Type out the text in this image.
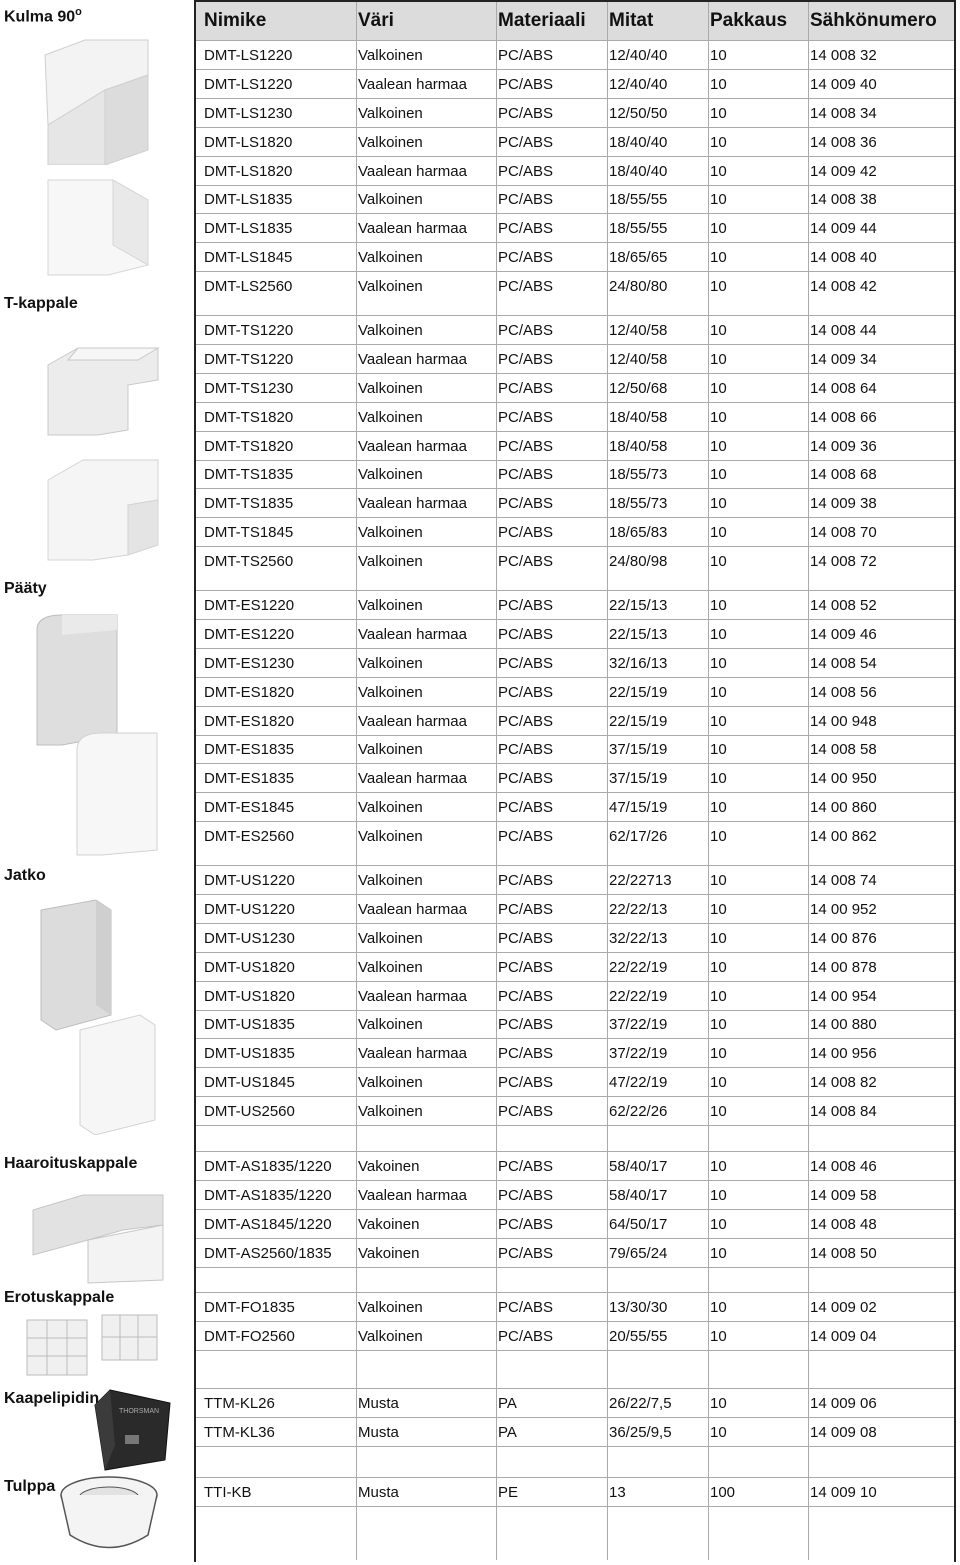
Kulma 90$^o$
T-kappale
Pääty
Jatko
Haaroituskappale
Erotuskappale
Kaapelipidin
Tulppa
THORSMAN
Nimike	Väri	Materiaali	Mitat	Pakkaus	Sähkönumero
DMT-LS1220	Valkoinen	PC/ABS	12/40/40	10	14 008 32
DMT-LS1220	Vaalean harmaa	PC/ABS	12/40/40	10	14 009 40
DMT-LS1230	Valkoinen	PC/ABS	12/50/50	10	14 008 34
DMT-LS1820	Valkoinen	PC/ABS	18/40/40	10	14 008 36
DMT-LS1820	Vaalean harmaa	PC/ABS	18/40/40	10	14 009 42
DMT-LS1835	Valkoinen	PC/ABS	18/55/55	10	14 008 38
DMT-LS1835	Vaalean harmaa	PC/ABS	18/55/55	10	14 009 44
DMT-LS1845	Valkoinen	PC/ABS	18/65/65	10	14 008 40
DMT-LS2560	Valkoinen	PC/ABS	24/80/80	10	14 008 42
DMT-TS1220	Valkoinen	PC/ABS	12/40/58	10	14 008 44
DMT-TS1220	Vaalean harmaa	PC/ABS	12/40/58	10	14 009 34
DMT-TS1230	Valkoinen	PC/ABS	12/50/68	10	14 008 64
DMT-TS1820	Valkoinen	PC/ABS	18/40/58	10	14 008 66
DMT-TS1820	Vaalean harmaa	PC/ABS	18/40/58	10	14 009 36
DMT-TS1835	Valkoinen	PC/ABS	18/55/73	10	14 008 68
DMT-TS1835	Vaalean harmaa	PC/ABS	18/55/73	10	14 009 38
DMT-TS1845	Valkoinen	PC/ABS	18/65/83	10	14 008 70
DMT-TS2560	Valkoinen	PC/ABS	24/80/98	10	14 008 72
DMT-ES1220	Valkoinen	PC/ABS	22/15/13	10	14 008 52
DMT-ES1220	Vaalean harmaa	PC/ABS	22/15/13	10	14 009 46
DMT-ES1230	Valkoinen	PC/ABS	32/16/13	10	14 008 54
DMT-ES1820	Valkoinen	PC/ABS	22/15/19	10	14 008 56
DMT-ES1820	Vaalean harmaa	PC/ABS	22/15/19	10	14 00 948
DMT-ES1835	Valkoinen	PC/ABS	37/15/19	10	14 008 58
DMT-ES1835	Vaalean harmaa	PC/ABS	37/15/19	10	14 00 950
DMT-ES1845	Valkoinen	PC/ABS	47/15/19	10	14 00 860
DMT-ES2560	Valkoinen	PC/ABS	62/17/26	10	14 00 862
DMT-US1220	Valkoinen	PC/ABS	22/22713	10	14 008 74
DMT-US1220	Vaalean harmaa	PC/ABS	22/22/13	10	14 00 952
DMT-US1230	Valkoinen	PC/ABS	32/22/13	10	14 00 876
DMT-US1820	Valkoinen	PC/ABS	22/22/19	10	14 00 878
DMT-US1820	Vaalean harmaa	PC/ABS	22/22/19	10	14 00 954
DMT-US1835	Valkoinen	PC/ABS	37/22/19	10	14 00 880
DMT-US1835	Vaalean harmaa	PC/ABS	37/22/19	10	14 00 956
DMT-US1845	Valkoinen	PC/ABS	47/22/19	10	14 008 82
DMT-US2560	Valkoinen	PC/ABS	62/22/26	10	14 008 84
DMT-AS1835/1220	Vakoinen	PC/ABS	58/40/17	10	14 008 46
DMT-AS1835/1220	Vaalean harmaa	PC/ABS	58/40/17	10	14 009 58
DMT-AS1845/1220	Vakoinen	PC/ABS	64/50/17	10	14 008 48
DMT-AS2560/1835	Vakoinen	PC/ABS	79/65/24	10	14 008 50
DMT-FO1835	Valkoinen	PC/ABS	13/30/30	10	14 009 02
DMT-FO2560	Valkoinen	PC/ABS	20/55/55	10	14 009 04
TTM-KL26	Musta	PA	26/22/7,5	10	14 009 06
TTM-KL36	Musta	PA	36/25/9,5	10	14 009 08
TTI-KB	Musta	PE	13	100	14 009 10
